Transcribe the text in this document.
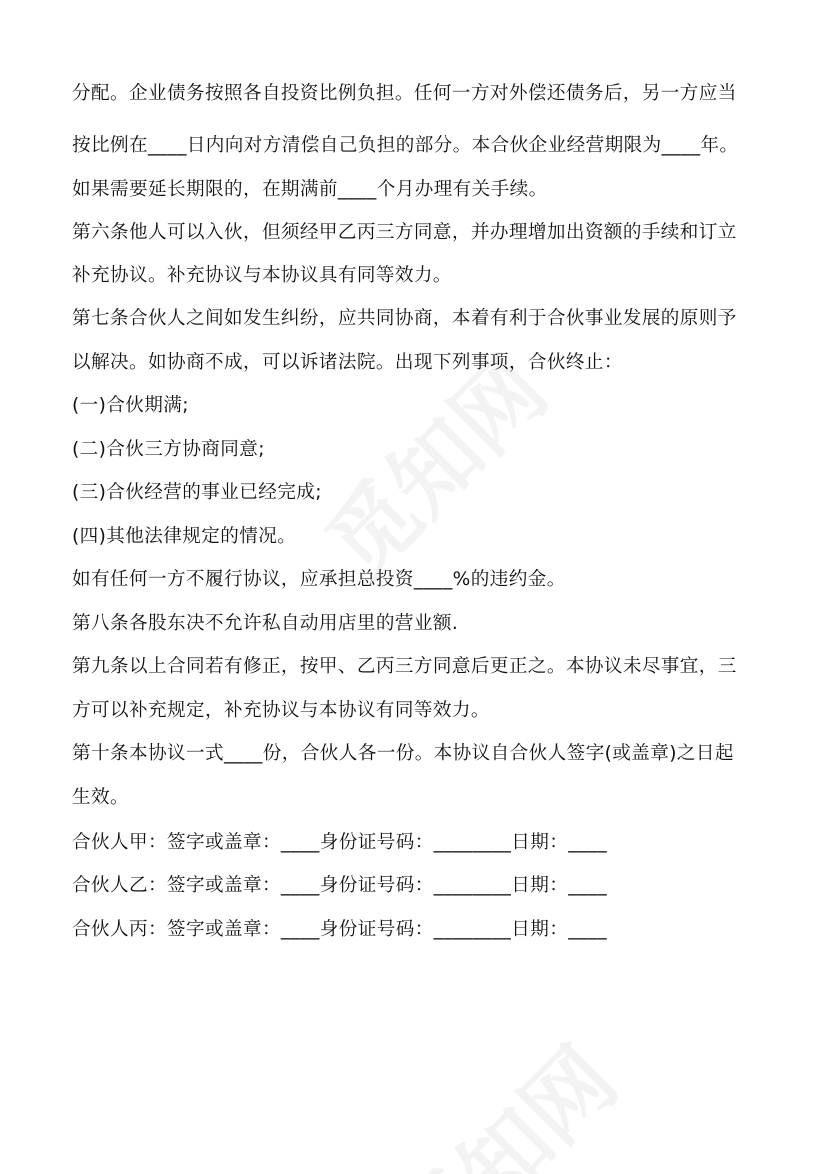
分配。企业债务按照各自投资比例负担。任何一方对外偿还债务后，另一方应当
按比例在____日内向对方清偿自己负担的部分。本合伙企业经营期限为____年。
如果需要延长期限的，在期满前____个月办理有关手续。
第六条他人可以入伙，但须经甲乙丙三方同意，并办理增加出资额的手续和订立
补充协议。补充协议与本协议具有同等效力。
第七条合伙人之间如发生纠纷，应共同协商，本着有利于合伙事业发展的原则予
以解决。如协商不成，可以诉诸法院。出现下列事项，合伙终止：
(一)合伙期满;
(二)合伙三方协商同意;
(三)合伙经营的事业已经完成;
(四)其他法律规定的情况。
如有任何一方不履行协议，应承担总投资____%的违约金。
第八条各股东决不允许私自动用店里的营业额.
第九条以上合同若有修正，按甲、乙丙三方同意后更正之。本协议未尽事宜，三
方可以补充规定，补充协议与本协议有同等效力。
第十条本协议一式____份，合伙人各一份。本协议自合伙人签字(或盖章)之日起
生效。
合伙人甲：签字或盖章：____身份证号码：________日期：____
合伙人乙：签字或盖章：____身份证号码：________日期：____
合伙人丙：签字或盖章：____身份证号码：________日期：____
